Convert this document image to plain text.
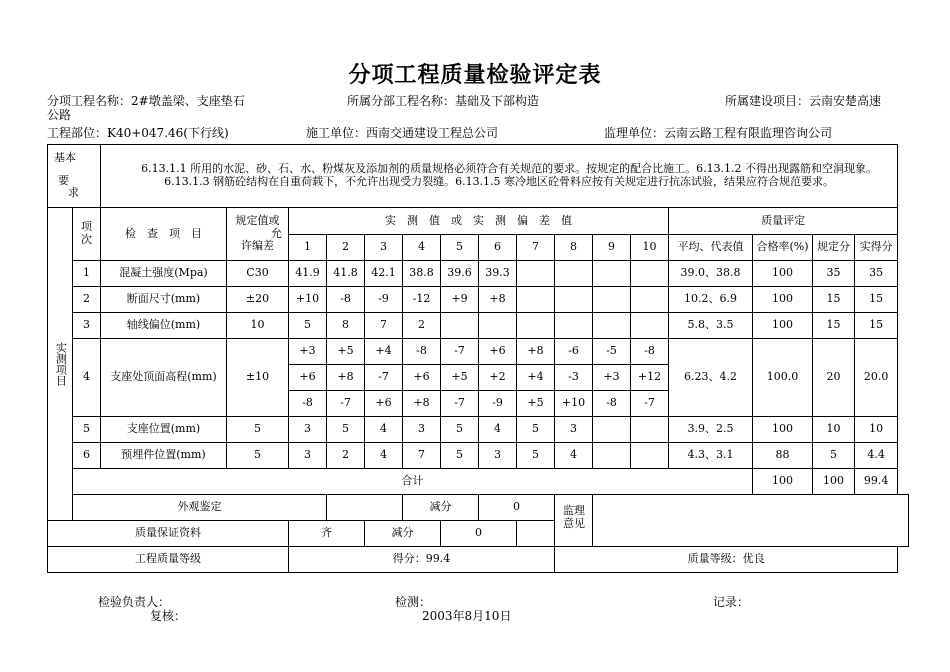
分项工程质量检验评定表
分项工程名称：2#墩盖梁、支座垫石
公路
所属分部工程名称：基础及下部构造	所属建设项目：云南安楚高速
工程部位：K40+047.46(下行线)	施工单位：西南交通建设工程总公司	监理单位：云南云路工程有限监理咨询公司
基本
要
求		6.13.1.1 所用的水泥、砂、石、水、粉煤灰及添加剂的质量规格必须符合有关规范的要求。按规定的配合比施工。6.13.1.2 不得出现露筋和空洞现象。6.13.1.3 钢筋砼结构在自重荷载下，不允许出现受力裂缝。6.13.1.5 寒冷地区砼骨料应按有关规定进行抗冻试验，结果应符合规范要求。															

实测项目	项次	检　查　项　目	规定值或
允
许编差	实　测　值　或　实　测　偏　差　值										质量评定			
				1	2	3	4	5	6	7	8	9	10	平均、代表值	合格率(%)	规定分	实得分
	1	混凝土强度(Mpa)	C30	41.9	41.8	42.1	38.8	39.6	39.3					39.0、38.8	100	35	35
	2	断面尺寸(mm)	±20	+10	-8	-9	-12	+9	+8					10.2、6.9	100	15	15
	3	轴线偏位(mm)	10	5	8	7	2							5.8、3.5	100	15	15
	4	支座处顶面高程(mm)	±10	+3	+5	+4	-8	-7	+6	+8	-6	-5	-8	6.23、4.2	100.0	20	20.0
				+6	+8	-7	+6	+5	+2	+4	-3	+3	+12				
				-8	-7	+6	+8	-7	-9	+5	+10	-8	-7				
	5	支座位置(mm)	5	3	5	4	3	5	4	5	3			3.9、2.5	100	10	10
	6	预埋件位置(mm)	5	3	2	4	7	5	3	5	4			4.3、3.1	88	5	4.4
	合计														100	100	99.4
	外观鉴定						减分		0		监理
意见						

质量保证资料				齐		减分		0									
工程质量等级				得分：99.4							质量等级：优良						
检验负责人：	检测：	记录：
复核：	2003年8月10日
